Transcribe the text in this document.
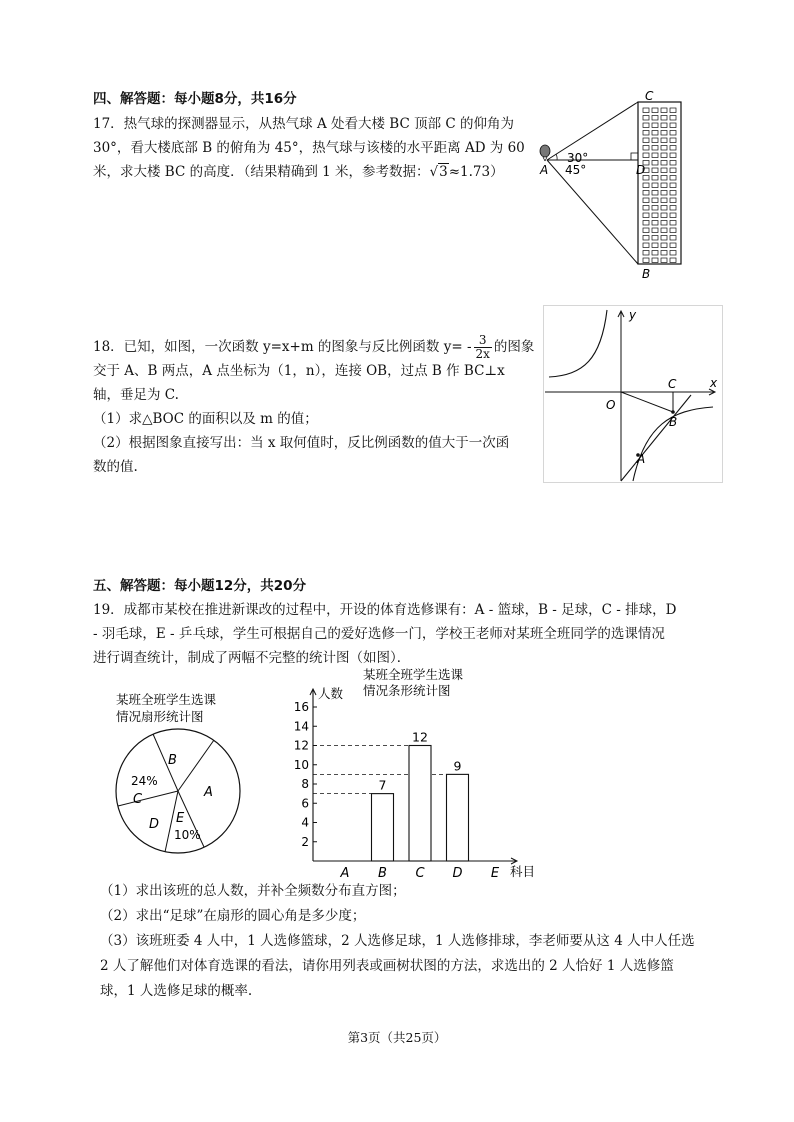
四、解答题：每小题8分，共16分
17．热气球的探测器显示，从热气球 A 处看大楼 BC 顶部 C 的仰角为
30°，看大楼底部 B 的俯角为 45°，热气球与该楼的水平距离 AD 为 60
米，求大楼 BC 的高度．（结果精确到 1 米，参考数据：√3≈1.73）
30°
45°
A	D
C
B
18．已知，如图，一次函数 y=x+m 的图象与反比例函数 $y= - \frac{3}{2x}$ 的图象
交于 A、B 两点，A 点坐标为（1，n），连接 OB，过点 B 作 BC⊥x
轴，垂足为 C.
（1）求△BOC 的面积以及 m 的值；
（2）根据图象直接写出：当 x 取何值时，反比例函数的值大于一次函
数的值.
y
x
O
C
B
A
五、解答题：每小题12分，共20分
19．成都市某校在推进新课改的过程中，开设的体育选修课有：A - 篮球，B - 足球，C - 排球，D
- 羽毛球，E - 乒乓球，学生可根据自己的爱好选修一门，学校王老师对某班全班同学的选课情况
进行调查统计，制成了两幅不完整的统计图（如图）．
某班全班学生选课
情况扇形统计图
B
A
24%
C
D E
10%
某班全班学生选课
情况条形统计图
人数
科目
2
4
6
8
10
12
14
16
7
12
9
A B C D E
（1）求出该班的总人数，并补全频数分布直方图；
（2）求出“足球”在扇形的圆心角是多少度；
（3）该班班委 4 人中，1 人选修篮球，2 人选修足球，1 人选修排球，李老师要从这 4 人中人任选
2 人了解他们对体育选课的看法，请你用列表或画树状图的方法，求选出的 2 人恰好 1 人选修篮
球，1 人选修足球的概率.
第3页（共25页）
